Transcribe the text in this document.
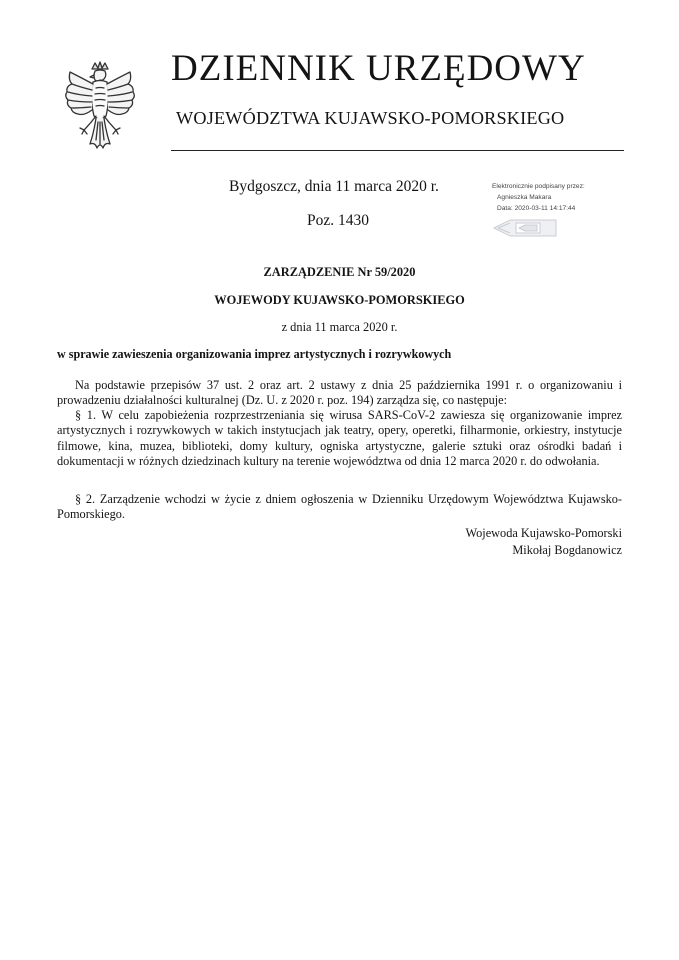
DZIENNIK URZĘDOWY
WOJEWÓDZTWA KUJAWSKO-POMORSKIEGO
Bydgoszcz, dnia 11 marca 2020 r.
Poz. 1430
Elektronicznie podpisany przez:
Agnieszka Makara
Data: 2020-03-11 14:17:44
ZARZĄDZENIE Nr 59/2020
WOJEWODY KUJAWSKO-POMORSKIEGO
z dnia 11 marca 2020 r.
w sprawie zawieszenia organizowania imprez artystycznych i rozrywkowych
Na podstawie przepisów 37 ust. 2 oraz art. 2 ustawy z dnia 25 października 1991 r. o organizowaniu i prowadzeniu działalności kulturalnej (Dz. U. z 2020 r. poz. 194) zarządza się, co następuje:
§ 1. W celu zapobieżenia rozprzestrzeniania się wirusa SARS-CoV-2 zawiesza się organizowanie imprez artystycznych i rozrywkowych w takich instytucjach jak teatry, opery, operetki, filharmonie, orkiestry, instytucje filmowe, kina, muzea, biblioteki, domy kultury, ogniska artystyczne, galerie sztuki oraz ośrodki badań i dokumentacji w różnych dziedzinach kultury na terenie województwa od dnia 12 marca 2020 r. do odwołania.
§ 2. Zarządzenie wchodzi w życie z dniem ogłoszenia w Dzienniku Urzędowym Województwa Kujawsko-Pomorskiego.
Wojewoda Kujawsko-Pomorski
Mikołaj Bogdanowicz
